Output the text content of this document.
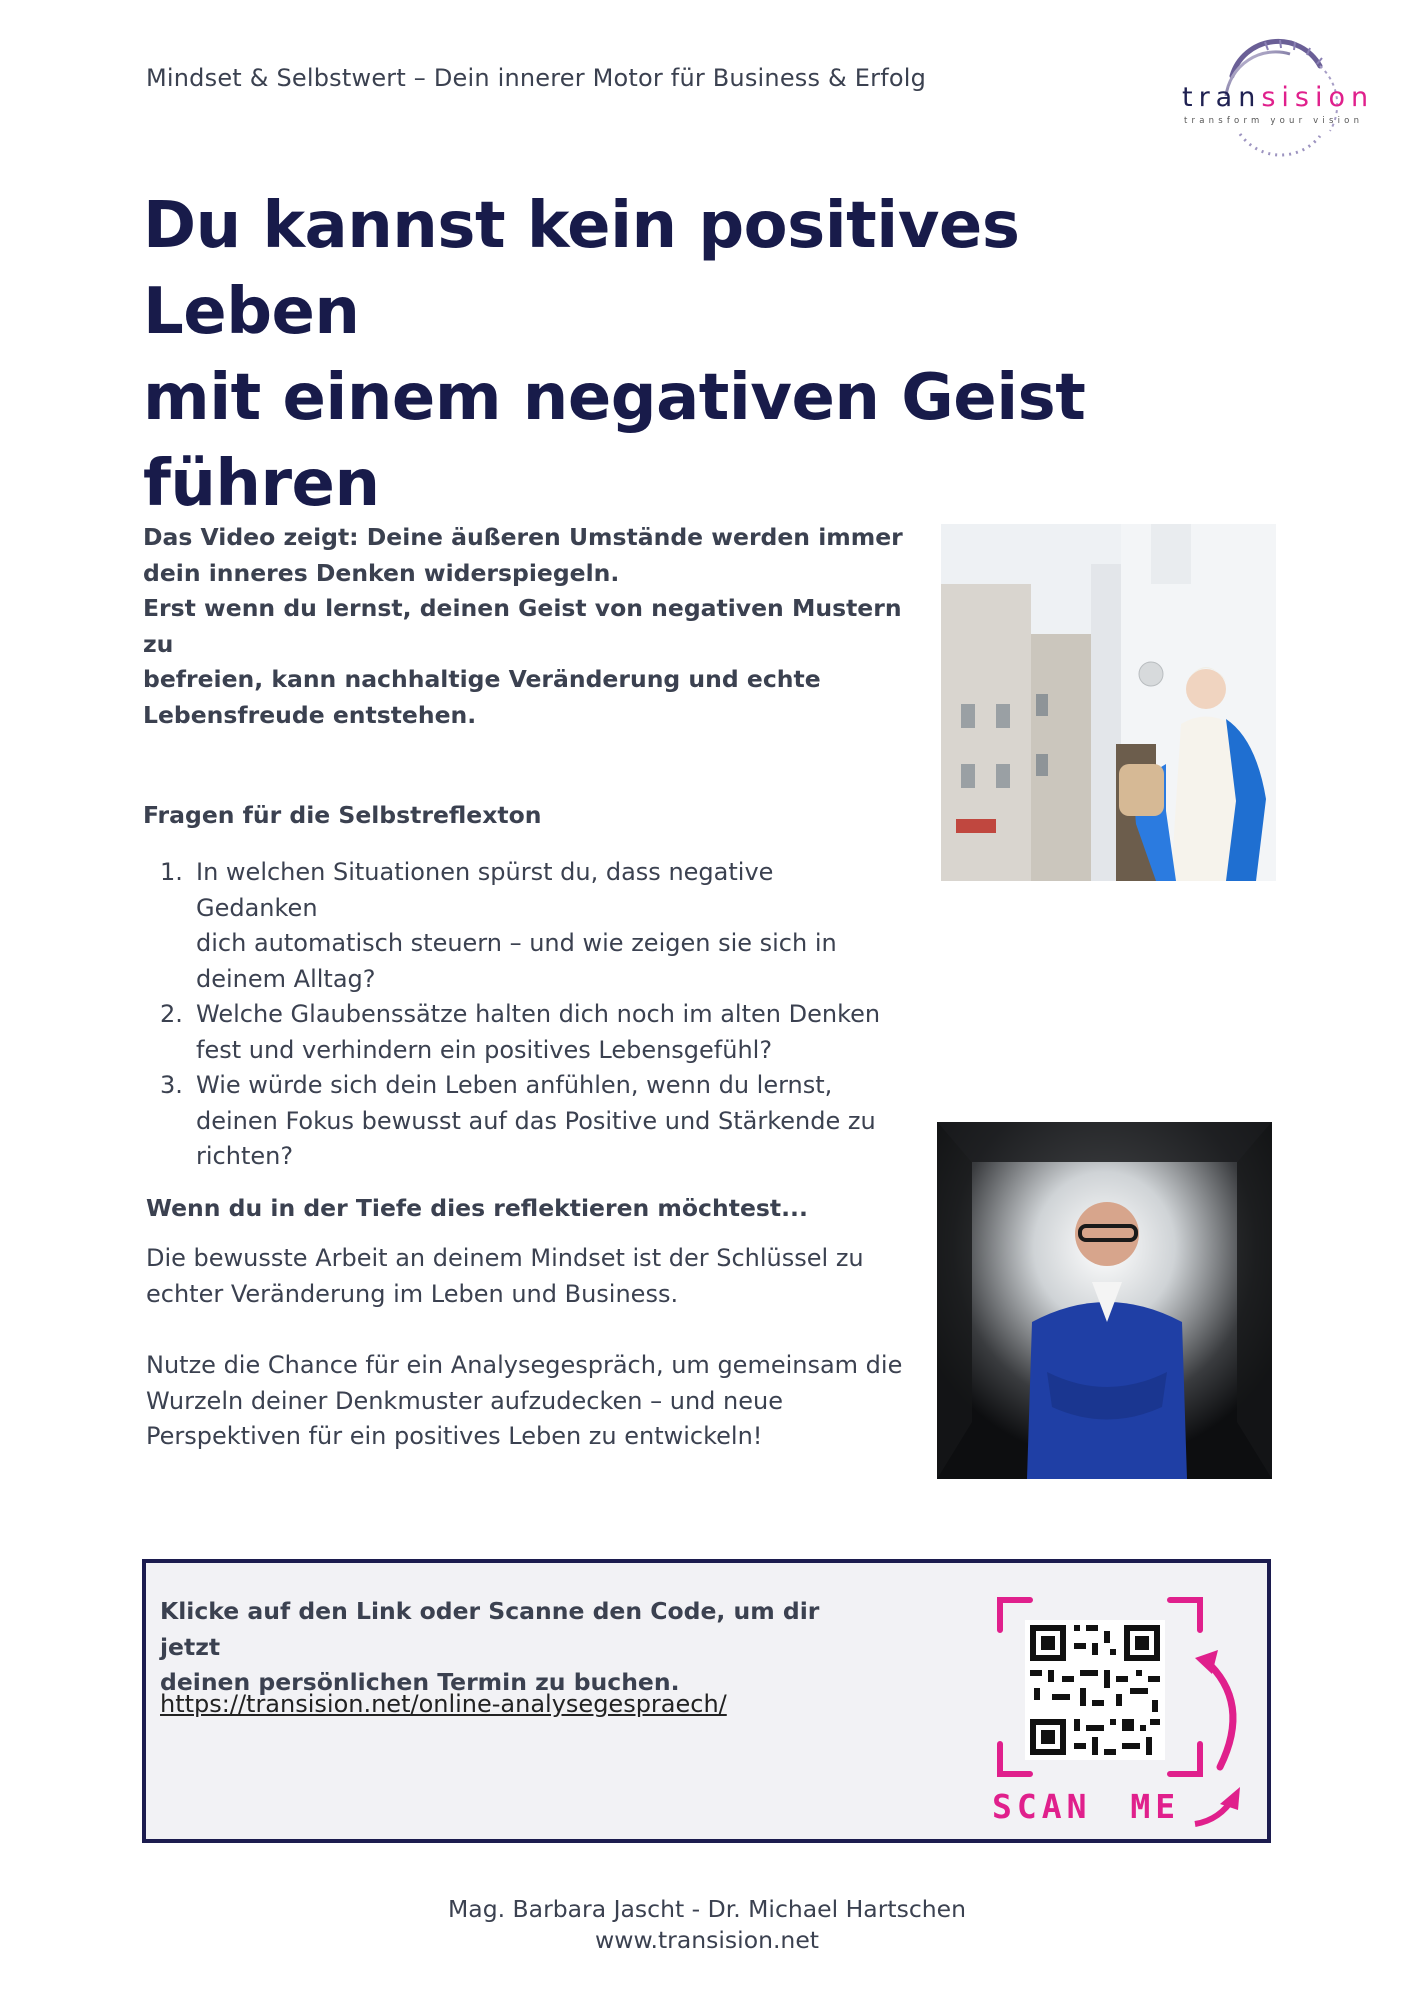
Mindset & Selbstwert – Dein innerer Motor für Business & Erfolg
transision
transform your vision
Du kannst kein positives Leben
mit einem negativen Geist
führen
Das Video zeigt: Deine äußeren Umstände werden immer
dein inneres Denken widerspiegeln.
Erst wenn du lernst, deinen Geist von negativen Mustern zu
befreien, kann nachhaltige Veränderung und echte
Lebensfreude entstehen.
Fragen für die Selbstreflexton
1. In welchen Situationen spürst du, dass negative Gedanken
dich automatisch steuern – und wie zeigen sie sich in
deinem Alltag?
2. Welche Glaubenssätze halten dich noch im alten Denken
fest und verhindern ein positives Lebensgefühl?
3. Wie würde sich dein Leben anfühlen, wenn du lernst,
deinen Fokus bewusst auf das Positive und Stärkende zu
richten?
Wenn du in der Tiefe dies reflektieren möchtest...
Die bewusste Arbeit an deinem Mindset ist der Schlüssel zu
echter Veränderung im Leben und Business.
Nutze die Chance für ein Analysegespräch, um gemeinsam die
Wurzeln deiner Denkmuster aufzudecken – und neue
Perspektiven für ein positives Leben zu entwickeln!
Klicke auf den Link oder Scanne den Code, um dir jetzt
deinen persönlichen Termin zu buchen.
https://transision.net/online-analysegespraech/
SCAN ME
Mag. Barbara Jascht - Dr. Michael Hartschen
www.transision.net
